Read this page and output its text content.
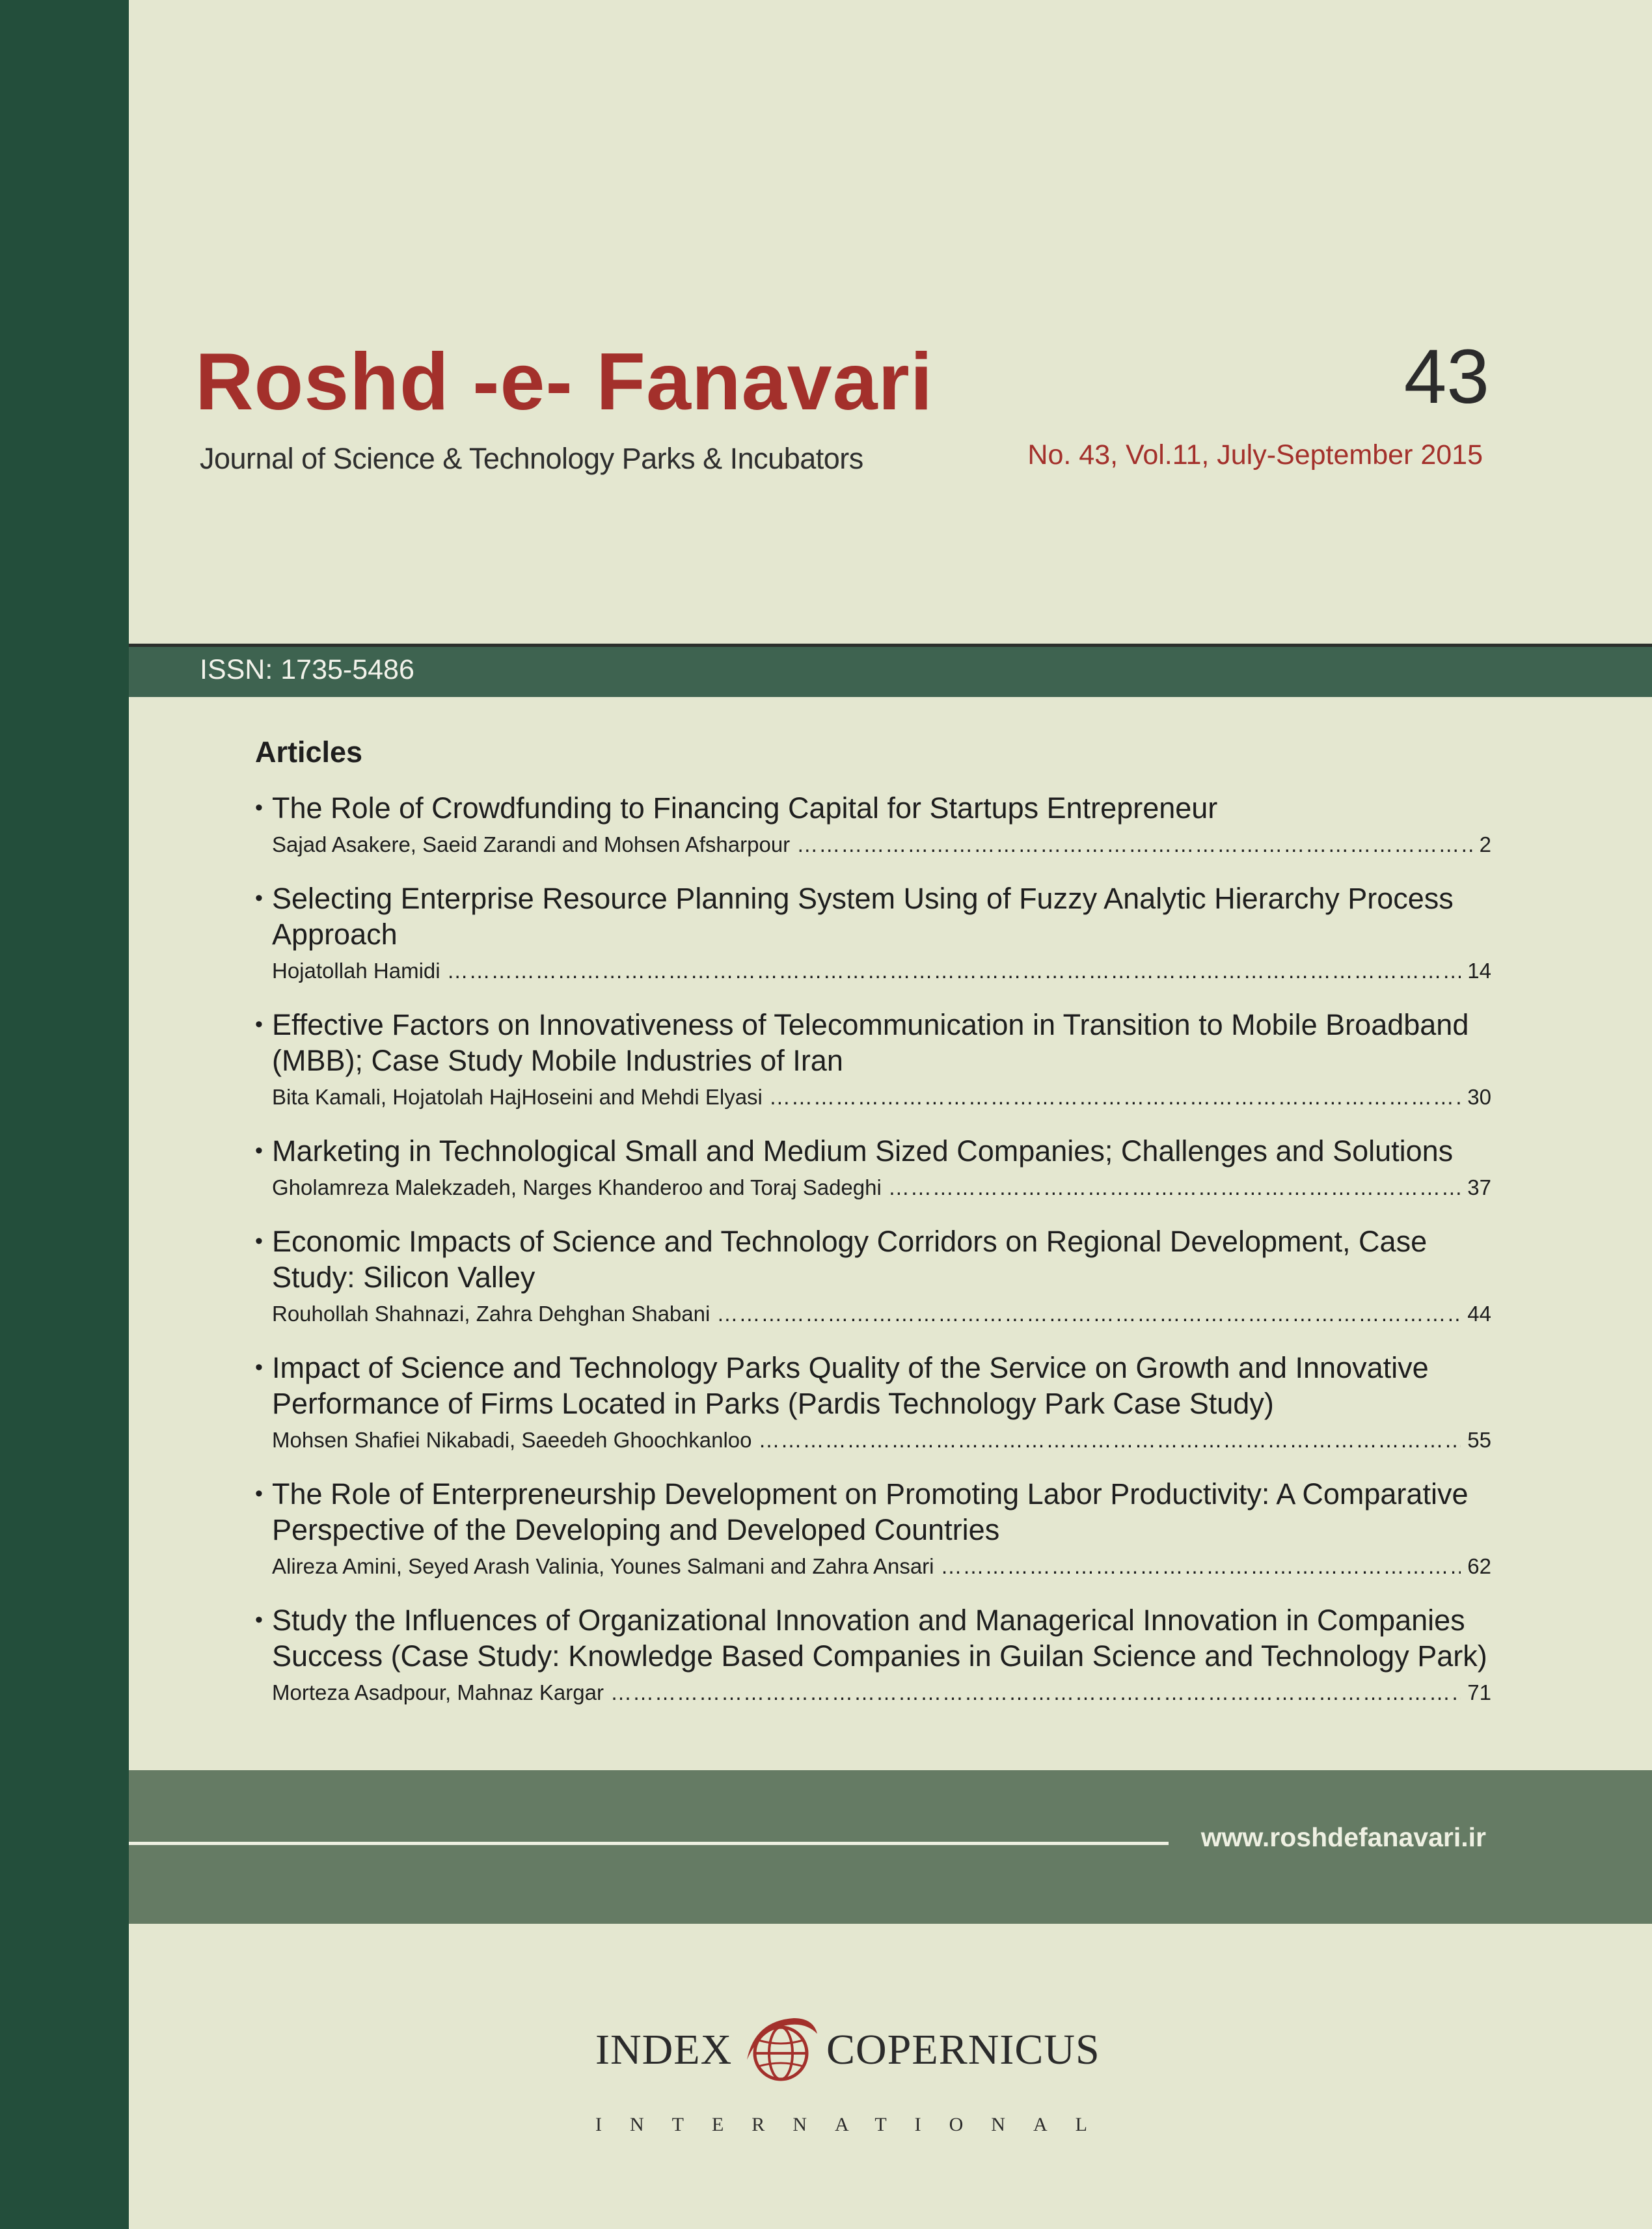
Roshd -e- Fanavari
Journal of Science & Technology Parks & Incubators
43
No. 43, Vol.11, July-September 2015
ISSN: 1735-5486
Articles
• The Role of Crowdfunding to Financing Capital for Startups Entrepreneur
Sajad Asakere, Saeid Zarandi and Mohsen Afsharpour ………………………………………………………………………………………………………………………………………………	2
• Selecting Enterprise Resource Planning System Using of Fuzzy Analytic Hierarchy Process Approach
Hojatollah Hamidi ………………………………………………………………………………………………………………………………………………	14
• Effective Factors on Innovativeness of Telecommunication in Transition to Mobile Broadband (MBB); Case Study Mobile Industries of Iran
Bita Kamali, Hojatolah HajHoseini and Mehdi Elyasi ………………………………………………………………………………………………………………………………………………	30
• Marketing in Technological Small and Medium Sized Companies; Challenges and Solutions
Gholamreza Malekzadeh, Narges Khanderoo and Toraj Sadeghi ………………………………………………………………………………………………………………………………………………	37
• Economic Impacts of Science and Technology Corridors on Regional Development, Case Study: Silicon Valley
Rouhollah Shahnazi, Zahra Dehghan Shabani ………………………………………………………………………………………………………………………………………………	44
• Impact of Science and Technology Parks Quality of the Service on Growth and Innovative Performance of Firms Located in Parks (Pardis Technology Park Case Study)
Mohsen Shafiei Nikabadi, Saeedeh Ghoochkanloo ………………………………………………………………………………………………………………………………………………	55
• The Role of Enterpreneurship Development on Promoting Labor Productivity: A Comparative Perspective of the Developing and Developed Countries
Alireza Amini, Seyed Arash Valinia, Younes Salmani and Zahra Ansari ………………………………………………………………………………………………………………………………………………	62
• Study the Influences of Organizational Innovation and Managerical Innovation in Companies Success (Case Study: Knowledge Based Companies in Guilan Science and Technology Park)
Morteza Asadpour, Mahnaz Kargar ………………………………………………………………………………………………………………………………………………	71
www.roshdefanavari.ir
INDEX COPERNICUS
INTERNATIONAL
